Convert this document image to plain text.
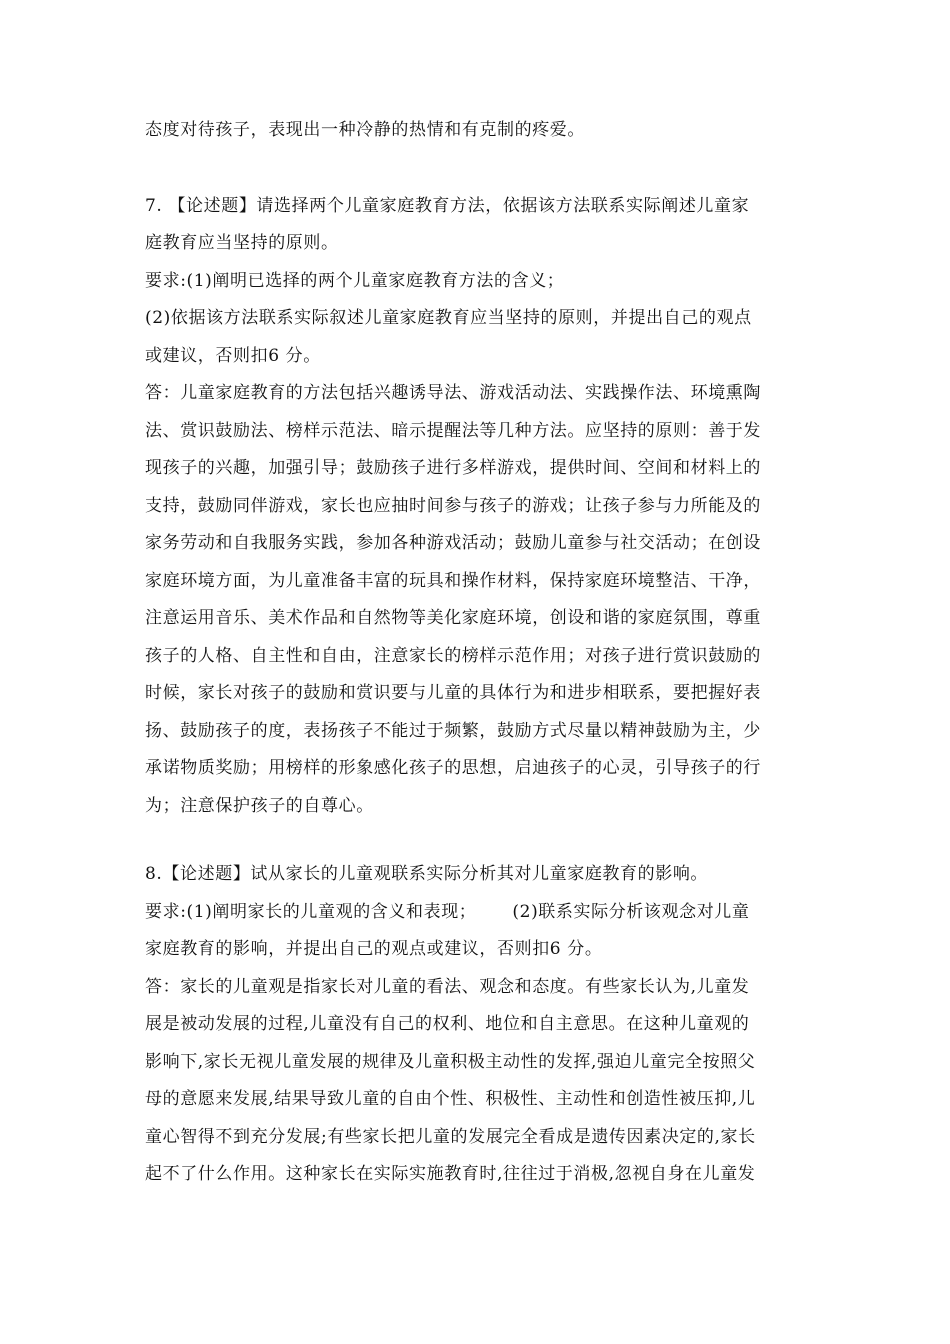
态度对待孩子，表现出一种冷静的热情和有克制的疼爱。
7. 【论述题】请选择两个儿童家庭教育方法，依据该方法联系实际阐述儿童家
庭教育应当坚持的原则。
要求:(1)阐明已选择的两个儿童家庭教育方法的含义；
(2)依据该方法联系实际叙述儿童家庭教育应当坚持的原则，并提出自己的观点
或建议，否则扣6 分。
答：儿童家庭教育的方法包括兴趣诱导法、游戏活动法、实践操作法、环境熏陶
法、赏识鼓励法、榜样示范法、暗示提醒法等几种方法。应坚持的原则：善于发
现孩子的兴趣，加强引导；鼓励孩子进行多样游戏，提供时间、空间和材料上的
支持，鼓励同伴游戏，家长也应抽时间参与孩子的游戏；让孩子参与力所能及的
家务劳动和自我服务实践，参加各种游戏活动；鼓励儿童参与社交活动；在创设
家庭环境方面，为儿童准备丰富的玩具和操作材料，保持家庭环境整洁、干净，
注意运用音乐、美术作品和自然物等美化家庭环境，创设和谐的家庭氛围，尊重
孩子的人格、自主性和自由，注意家长的榜样示范作用；对孩子进行赏识鼓励的
时候，家长对孩子的鼓励和赏识要与儿童的具体行为和进步相联系，要把握好表
扬、鼓励孩子的度，表扬孩子不能过于频繁，鼓励方式尽量以精神鼓励为主，少
承诺物质奖励；用榜样的形象感化孩子的思想，启迪孩子的心灵，引导孩子的行
为；注意保护孩子的自尊心。
8.【论述题】试从家长的儿童观联系实际分析其对儿童家庭教育的影响。
要求:(1)阐明家长的儿童观的含义和表现； (2)联系实际分析该观念对儿童
家庭教育的影响，并提出自己的观点或建议，否则扣6 分。
答：家长的儿童观是指家长对儿童的看法、观念和态度。有些家长认为,儿童发
展是被动发展的过程,儿童没有自己的权利、地位和自主意思。在这种儿童观的
影响下,家长无视儿童发展的规律及儿童积极主动性的发挥,强迫儿童完全按照父
母的意愿来发展,结果导致儿童的自由个性、积极性、主动性和创造性被压抑,儿
童心智得不到充分发展;有些家长把儿童的发展完全看成是遗传因素决定的,家长
起不了什么作用。这种家长在实际实施教育时,往往过于消极,忽视自身在儿童发
